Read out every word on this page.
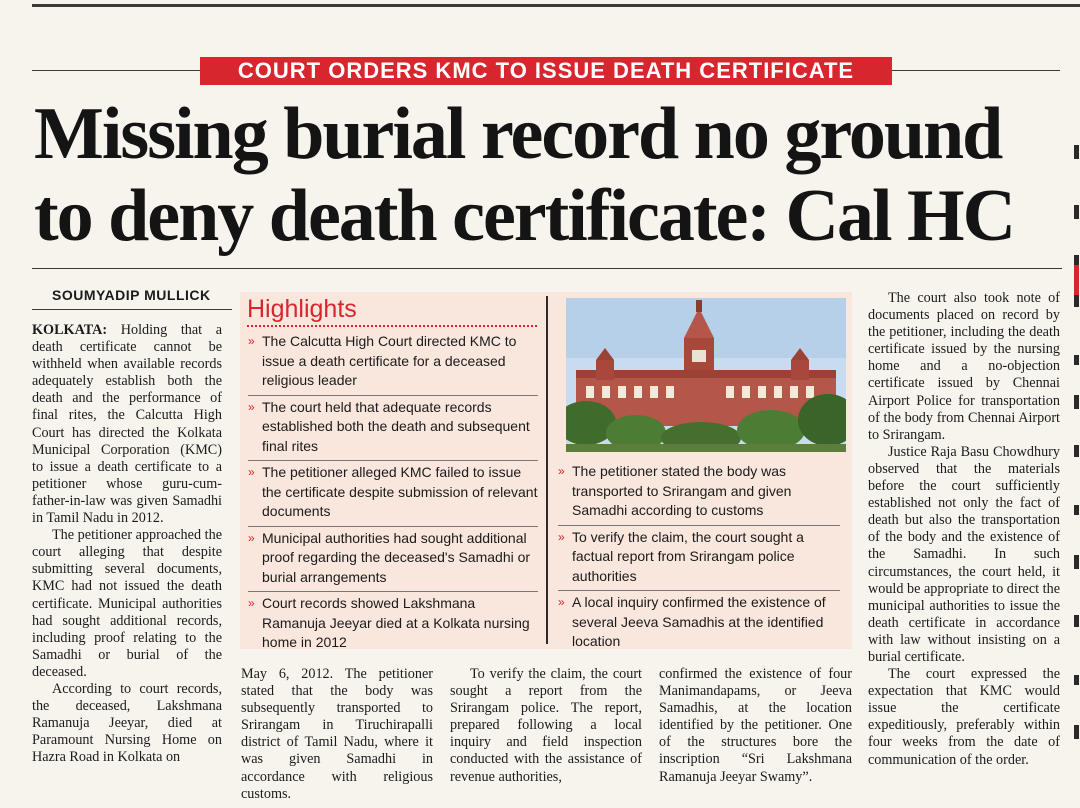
COURT ORDERS KMC TO ISSUE DEATH CERTIFICATE
Missing burial record no ground
to deny death certificate: Cal HC
SOUMYADIP MULLICK

KOLKATA: Holding that a death certificate cannot be withheld when available records adequately establish both the death and the performance of final rites, the Calcutta High Court has directed the Kolkata Municipal Corporation (KMC) to issue a death certificate to a petitioner whose guru-cum-father-in-law was given Samadhi in Tamil Nadu in 2012.

The petitioner approached the court alleging that despite submitting several documents, KMC had not issued the death certificate. Municipal authorities had sought additional records, including proof relating to the Samadhi or burial of the deceased.

According to court records, the deceased, Lakshmana Ramanuja Jeeyar, died at Paramount Nursing Home on Hazra Road in Kolkata on

Highlights
» The Calcutta High Court directed KMC to issue a death certificate for a deceased religious leader
» The court held that adequate records established both the death and subsequent final rites
» The petitioner alleged KMC failed to issue the certificate despite submission of relevant documents
» Municipal authorities had sought additional proof regarding the deceased's Samadhi or burial arrangements
» Court records showed Lakshmana Ramanuja Jeeyar died at a Kolkata nursing home in 2012
» The petitioner stated the body was transported to Srirangam and given Samadhi according to customs
» To verify the claim, the court sought a factual report from Srirangam police authorities
» A local inquiry confirmed the existence of several Jeeva Samadhis at the identified location

May 6, 2012. The petitioner stated that the body was subsequently transported to Srirangam in Tiruchirapalli district of Tamil Nadu, where it was given Samadhi in accordance with religious customs.

To verify the claim, the court sought a report from the Srirangam police. The report, prepared following a local inquiry and field inspection conducted with the assistance of revenue authorities,

confirmed the existence of four Manimandapams, or Jeeva Samadhis, at the location identified by the petitioner. One of the structures bore the inscription “Sri Lakshmana Ramanuja Jeeyar Swamy”.

The court also took note of documents placed on record by the petitioner, including the death certificate issued by the nursing home and a no-objection certificate issued by Chennai Airport Police for transportation of the body from Chennai Airport to Srirangam.

Justice Raja Basu Chowdhury observed that the materials before the court sufficiently established not only the fact of death but also the transportation of the body and the existence of the Samadhi. In such circumstances, the court held, it would be appropriate to direct the municipal authorities to issue the death certificate in accordance with law without insisting on a burial certificate.

The court expressed the expectation that KMC would issue the certificate expeditiously, preferably within four weeks from the date of communication of the order.
